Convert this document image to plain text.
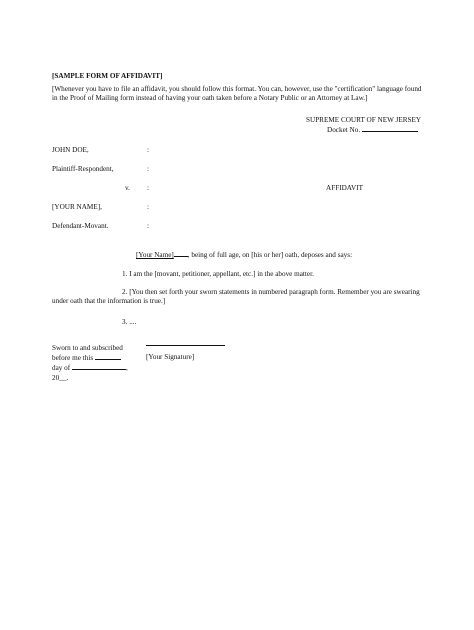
[SAMPLE FORM OF AFFIDAVIT]
[Whenever you have to file an affidavit, you should follow this format. You can, however, use the "certification" language found in the Proof of Mailing form instead of having your oath taken before a Notary Public or an Attorney at Law.]
SUPREME COURT OF NEW JERSEY
Docket No.
JOHN DOE,	:
Plaintiff-Respondent,	:
v. :	AFFIDAVIT
[YOUR NAME],	:
Defendant-Movant.	:
[Your Name] , being of full age, on [his or her] oath, deposes and says:
1. I am the [movant, petitioner, appellant, etc.] in the above matter.
2. [You then set forth your sworn statements in numbered paragraph form. Remember you are swearing under oath that the information is true.]
3. ....
Sworn to and subscribed
before me this
day of	,
20__.
[Your Signature]
